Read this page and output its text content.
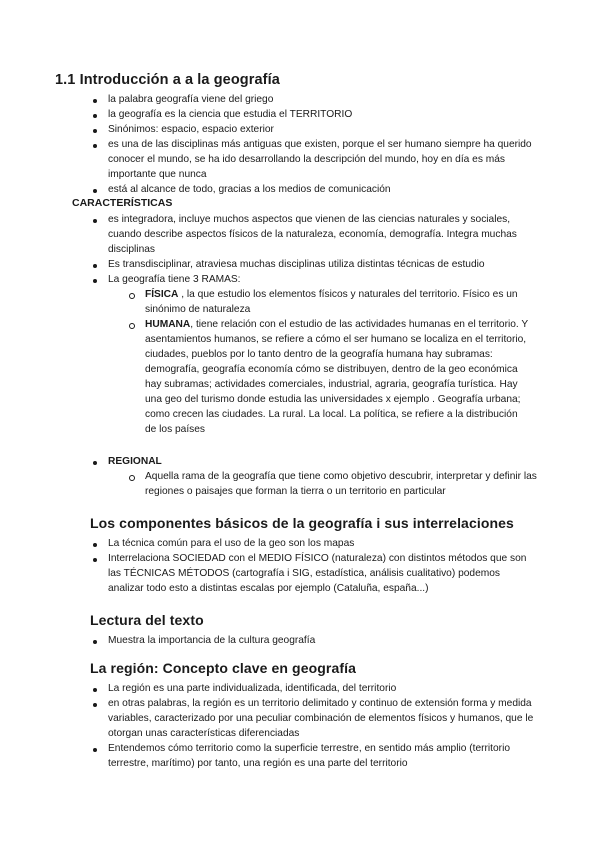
1.1 Introducción a a la geografía

la palabra geografía viene del griego

la geografía es la ciencia que estudia el TERRITORIO

Sinónimos: espacio, espacio exterior

es una de las disciplinas más antiguas que existen, porque el ser humano siempre ha querido conocer el mundo, se ha ido desarrollando la descripción del mundo, hoy en día es más importante que nunca

está al alcance de todo, gracias a los medios de comunicación

CARACTERÍSTICAS

es integradora, incluye muchos aspectos que vienen de las ciencias naturales y sociales, cuando describe aspectos físicos de la naturaleza, economía, demografía. Integra muchas disciplinas

Es transdisciplinar, atraviesa muchas disciplinas utiliza distintas técnicas de estudio

La geografía tiene 3 RAMAS:

FÍSICA , la que estudio los elementos físicos y naturales del territorio. Físico es un sinónimo de naturaleza

HUMANA, tiene relación con el estudio de las actividades humanas en el territorio. Y asentamientos humanos, se refiere a cómo el ser humano se localiza en el territorio, ciudades, pueblos por lo tanto dentro de la geografía humana hay subramas: demografía, geografía economía cómo se distribuyen, dentro de la geo económica hay subramas; actividades comerciales, industrial, agraria, geografía turística. Hay una geo del turismo donde estudia las universidades x ejemplo . Geografía urbana; como crecen las ciudades. La rural. La local. La política, se refiere a la distribución de los países

REGIONAL

Aquella rama de la geografía que tiene como objetivo descubrir, interpretar y definir las regiones o paisajes que forman la tierra o un territorio en particular

Los componentes básicos de la geografía i sus interrelaciones

La técnica común para el uso de la geo son los mapas

Interrelaciona SOCIEDAD con el MEDIO FÍSICO (naturaleza) con distintos métodos que son las TÉCNICAS MÉTODOS (cartografía i SIG, estadística, análisis cualitativo) podemos analizar todo esto a distintas escalas por ejemplo (Cataluña, españa...)

Lectura del texto

Muestra la importancia de la cultura geografía

La región: Concepto clave en geografía

La región es una parte individualizada, identificada, del territorio

en otras palabras, la región es un territorio delimitado y continuo de extensión forma y medida variables, caracterizado por una peculiar combinación de elementos físicos y humanos, que le otorgan unas características diferenciadas

Entendemos cómo territorio como la superficie terrestre, en sentido más amplio (territorio terrestre, marítimo) por tanto, una región es una parte del territorio
